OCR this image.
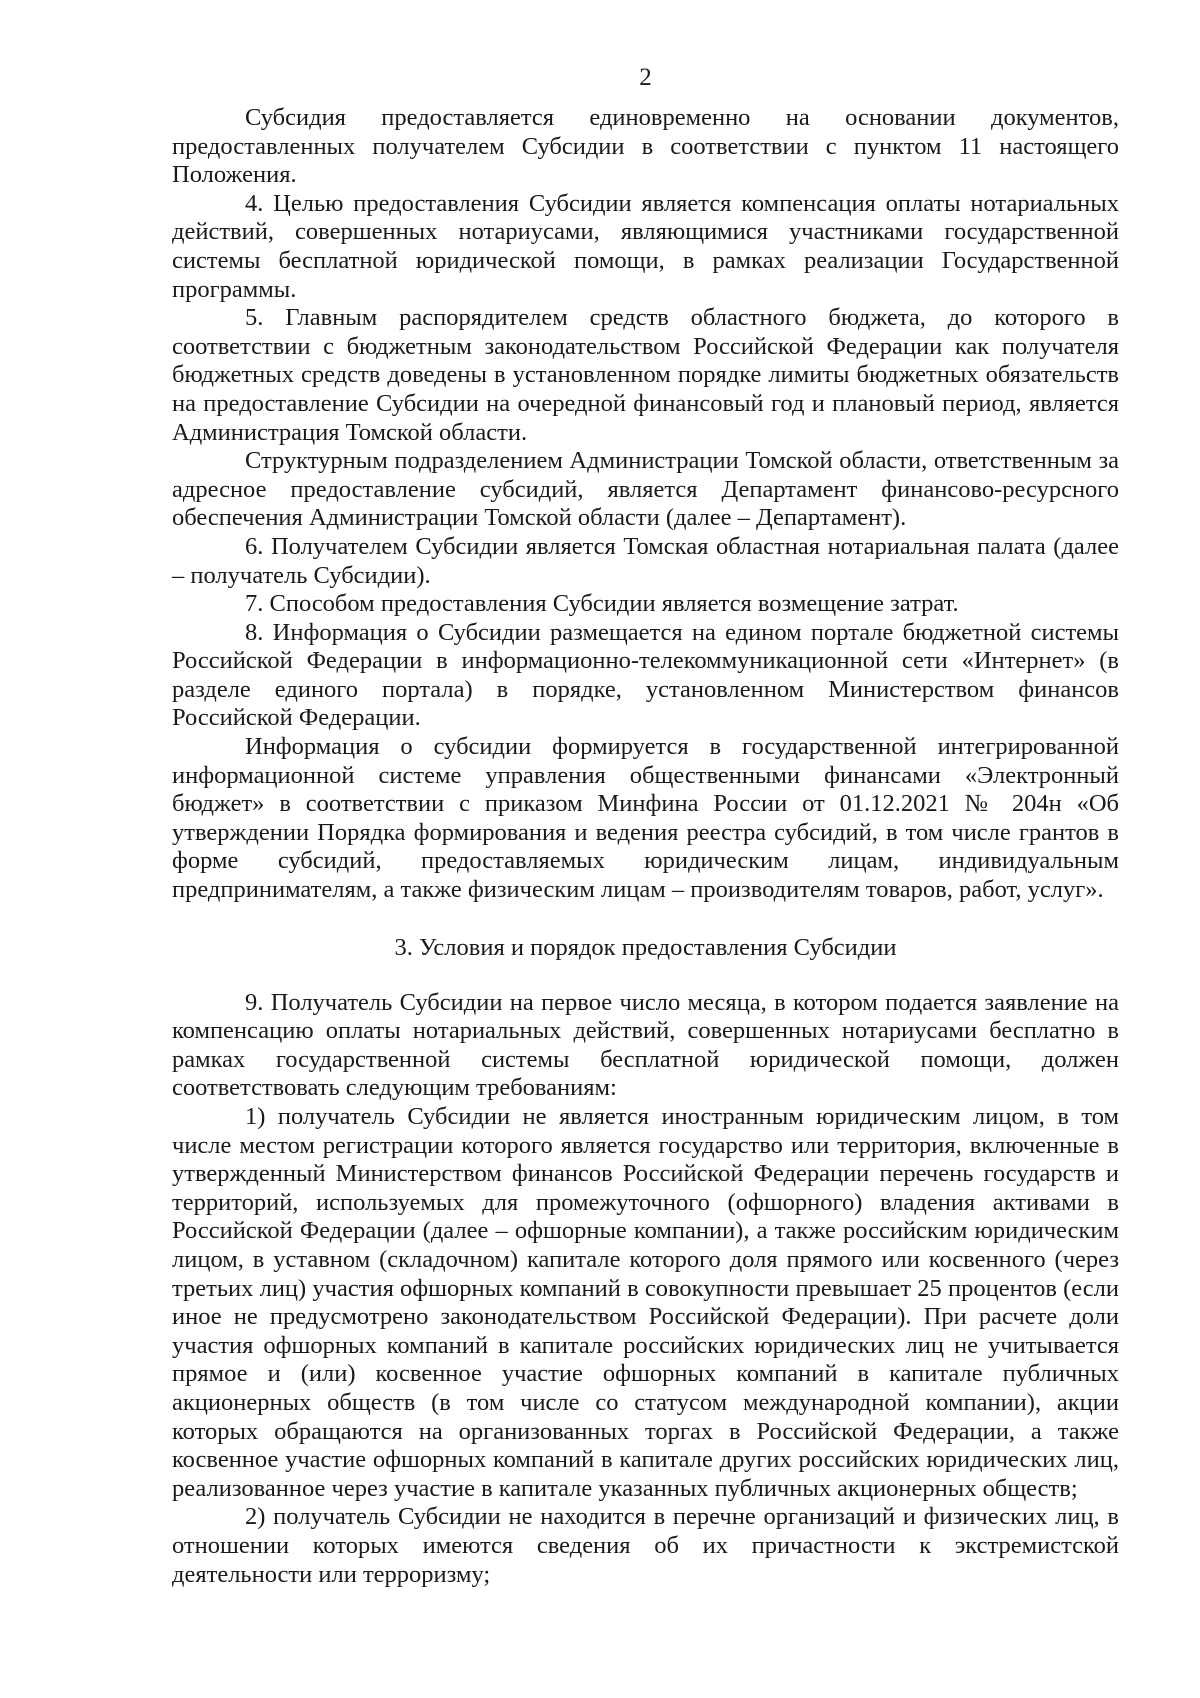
2

Субсидия предоставляется единовременно на основании документов, предоставленных получателем Субсидии в соответствии с пунктом 11 настоящего Положения.

4. Целью предоставления Субсидии является компенсация оплаты нотариальных действий, совершенных нотариусами, являющимися участниками государственной системы бесплатной юридической помощи, в рамках реализации Государственной программы.

5. Главным распорядителем средств областного бюджета, до которого в соответствии с бюджетным законодательством Российской Федерации как получателя бюджетных средств доведены в установленном порядке лимиты бюджетных обязательств на предоставление Субсидии на очередной финансовый год и плановый период, является Администрация Томской области.

Структурным подразделением Администрации Томской области, ответственным за адресное предоставление субсидий, является Департамент финансово-ресурсного обеспечения Администрации Томской области (далее – Департамент).

6. Получателем Субсидии является Томская областная нотариальная палата (далее – получатель Субсидии).

7. Способом предоставления Субсидии является возмещение затрат.

8. Информация о Субсидии размещается на едином портале бюджетной системы Российской Федерации в информационно-телекоммуникационной сети «Интернет» (в разделе единого портала) в порядке, установленном Министерством финансов Российской Федерации.

Информация о субсидии формируется в государственной интегрированной информационной системе управления общественными финансами «Электронный бюджет» в соответствии с приказом Минфина России от 01.12.2021 № 204н «Об утверждении Порядка формирования и ведения реестра субсидий, в том числе грантов в форме субсидий, предоставляемых юридическим лицам, индивидуальным предпринимателям, а также физическим лицам – производителям товаров, работ, услуг».

3. Условия и порядок предоставления Субсидии

9. Получатель Субсидии на первое число месяца, в котором подается заявление на компенсацию оплаты нотариальных действий, совершенных нотариусами бесплатно в рамках государственной системы бесплатной юридической помощи, должен соответствовать следующим требованиям:

1) получатель Субсидии не является иностранным юридическим лицом, в том числе местом регистрации которого является государство или территория, включенные в утвержденный Министерством финансов Российской Федерации перечень государств и территорий, используемых для промежуточного (офшорного) владения активами в Российской Федерации (далее – офшорные компании), а также российским юридическим лицом, в уставном (складочном) капитале которого доля прямого или косвенного (через третьих лиц) участия офшорных компаний в совокупности превышает 25 процентов (если иное не предусмотрено законодательством Российской Федерации). При расчете доли участия офшорных компаний в капитале российских юридических лиц не учитывается прямое и (или) косвенное участие офшорных компаний в капитале публичных акционерных обществ (в том числе со статусом международной компании), акции которых обращаются на организованных торгах в Российской Федерации, а также косвенное участие офшорных компаний в капитале других российских юридических лиц, реализованное через участие в капитале указанных публичных акционерных обществ;

2) получатель Субсидии не находится в перечне организаций и физических лиц, в отношении которых имеются сведения об их причастности к экстремистской деятельности или терроризму;
